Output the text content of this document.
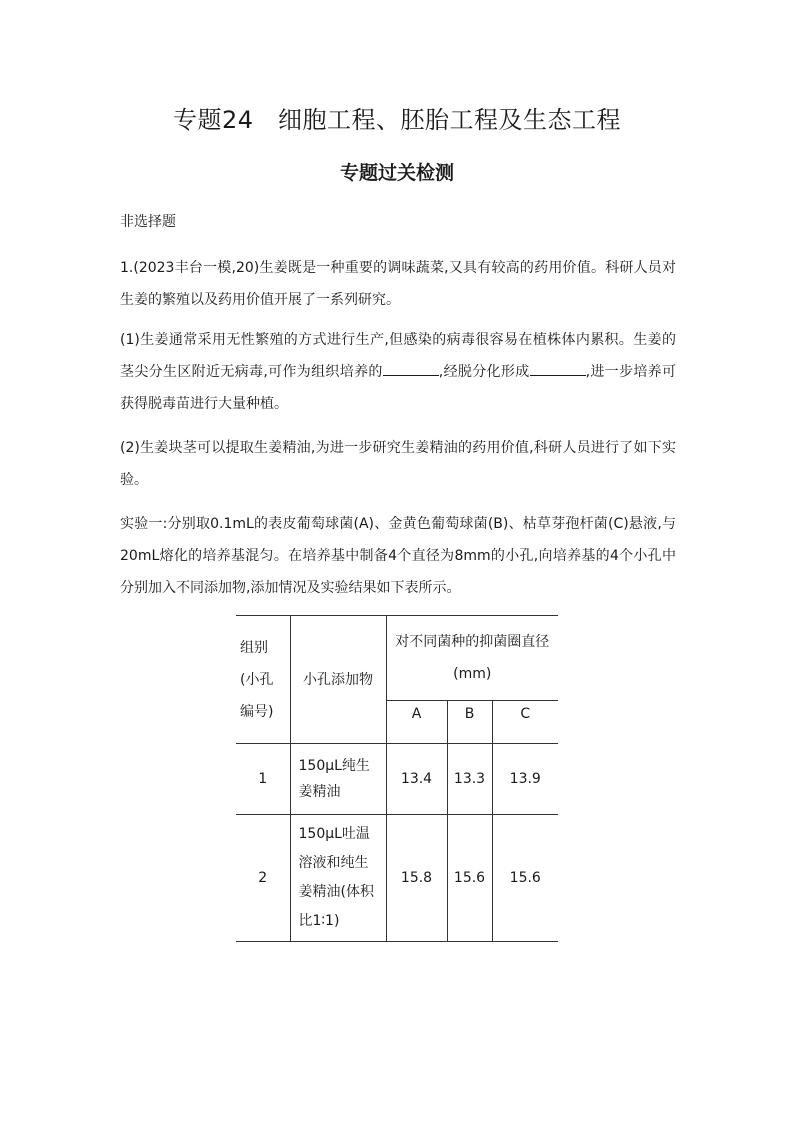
专题24　细胞工程、胚胎工程及生态工程
专题过关检测

非选择题

1.(2023丰台一模,20)生姜既是一种重要的调味蔬菜,又具有较高的药用价值。科研人员对生姜的繁殖以及药用价值开展了一系列研究。

(1)生姜通常采用无性繁殖的方式进行生产,但感染的病毒很容易在植株体内累积。生姜的茎尖分生区附近无病毒,可作为组织培养的	,经脱分化形成	,进一步培养可获得脱毒苗进行大量种植。

(2)生姜块茎可以提取生姜精油,为进一步研究生姜精油的药用价值,科研人员进行了如下实验。

实验一:分别取0.1mL的表皮葡萄球菌(A)、金黄色葡萄球菌(B)、枯草芽孢杆菌(C)悬液,与20mL熔化的培养基混匀。在培养基中制备4个直径为8mm的小孔,向培养基的4个小孔中分别加入不同添加物,添加情况及实验结果如下表所示。

组别(小孔编号)	小孔添加物	对不同菌种的抑菌圈直径(mm)		
		A	B	C
1	150μL纯生姜精油	13.4	13.3	13.9
2	150μL吐温溶液和纯生姜精油(体积比1∶1)	15.8	15.6	15.6
